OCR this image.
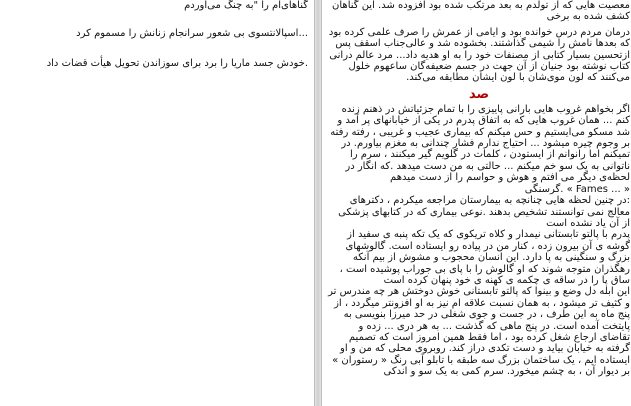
گناهای‌ام را "به چنگ می‌آوردم
...اسپالانتسوی بی شعور سرانجام زنانش را مسموم کرد
.خودش جسد ماریا را برد برای سوزاندن تحویل هیأت قضات داد

معصیت هایی که از تولدم به بعد مرتکب شده بود افزوده شد. این گناهان کشف شده به برخی

درمان مردم درس خوانده بود و ایامی از عمرش را صرف علمی کرده بود که بعدها نامش را شیمی گذاشتند. بخشوده شد و عالی‌جناب اسقف پس ازتحسین بسیار کتابی از مصنفات خود را به او هدیه داد... مرد عالم درانی کتاب نوشته بود جنیان از آن جهت در جسم ضعیفه‌گان ساعهوم خلول می‌کنند که لون موی‌شان با لون ایشان مطابقه می‌کند.

صد

اگر بخواهم غروب هایی بارانی پاییزی را با تمام جزئیاتش در ذهنم زنده کنم ... همان غروب هایی که به اتفاق پدرم در یکی از خیابانهای پر آمد و شد مسکو می‌ایستیم و حس میکنم که بیماری عجیب و غریبی ، رفته رفته بر وجوم چیره میشود ... احتیاج ندارم فشار چندانی به مغزم بیاورم. در تمیکنم اما رانوانم از ایستودن ، کلمات در گلویم گیر میکنند ، سرم را ناتوانی به یک سو خم میکنم ... حالتی به من دست میدهد .که انگار در لحظه‌ی دیگر می افتم و هوش و حواسم را از دست میدهم

« ... Fames » .گرسنگی

:در چنین لحظه هایی چنانچه به بیمارستان مراجعه میکردم ، دکترهای معالج نمی توانستند تشخیص بدهند .نوعی بیماری که در کتابهای پزشکی از آن یاد نشده است

پدرم با پالتو تابستانی نیمدار و کلاه تریکوی که یک تکه پنبه ی سفید از گوشه ی آن بیرون زده ، کنار من در پیاده رو ایستاده است. گالوشهای بزرگ و سنگینی به پا دارد. این انسان محجوب و مشوش از بیم آنکه رهگذران متوجه شوند که او گالوش را با پای بی جوراب پوشیده است ، ساق پا را در ساقه ی چکمه ی کهنه ی خود پنهان کرده است

این ابله دل وضع و بینوا که پالتو تابستانی خوش دوختش هر چه مندرس تر و کثیف تر میشود ، به همان نسبت علاقه ام نیز به او افزونتر میگردد ، از پنج ماه به این طرف ، در جست و جوی شغلی در حد میرزا بنویسی به پایتخت آمده است. در پنج ماهی که گذشت ... به هر دری ... زده و تقاضای ارجاع شغل کرده بود ، اما فقط همین امروز است که تصمیم گرفته به خیابان بیاید و دست تکدی دراز کند. روبروی محلی که من و او ایستاده ایم ، یک ساختمان بزرگ سه طبقه با تابلو آبی رنگ « رستوران » بر دیوار آن ، به چشم میخورد. سرم کمی به یک سو و اندکی
